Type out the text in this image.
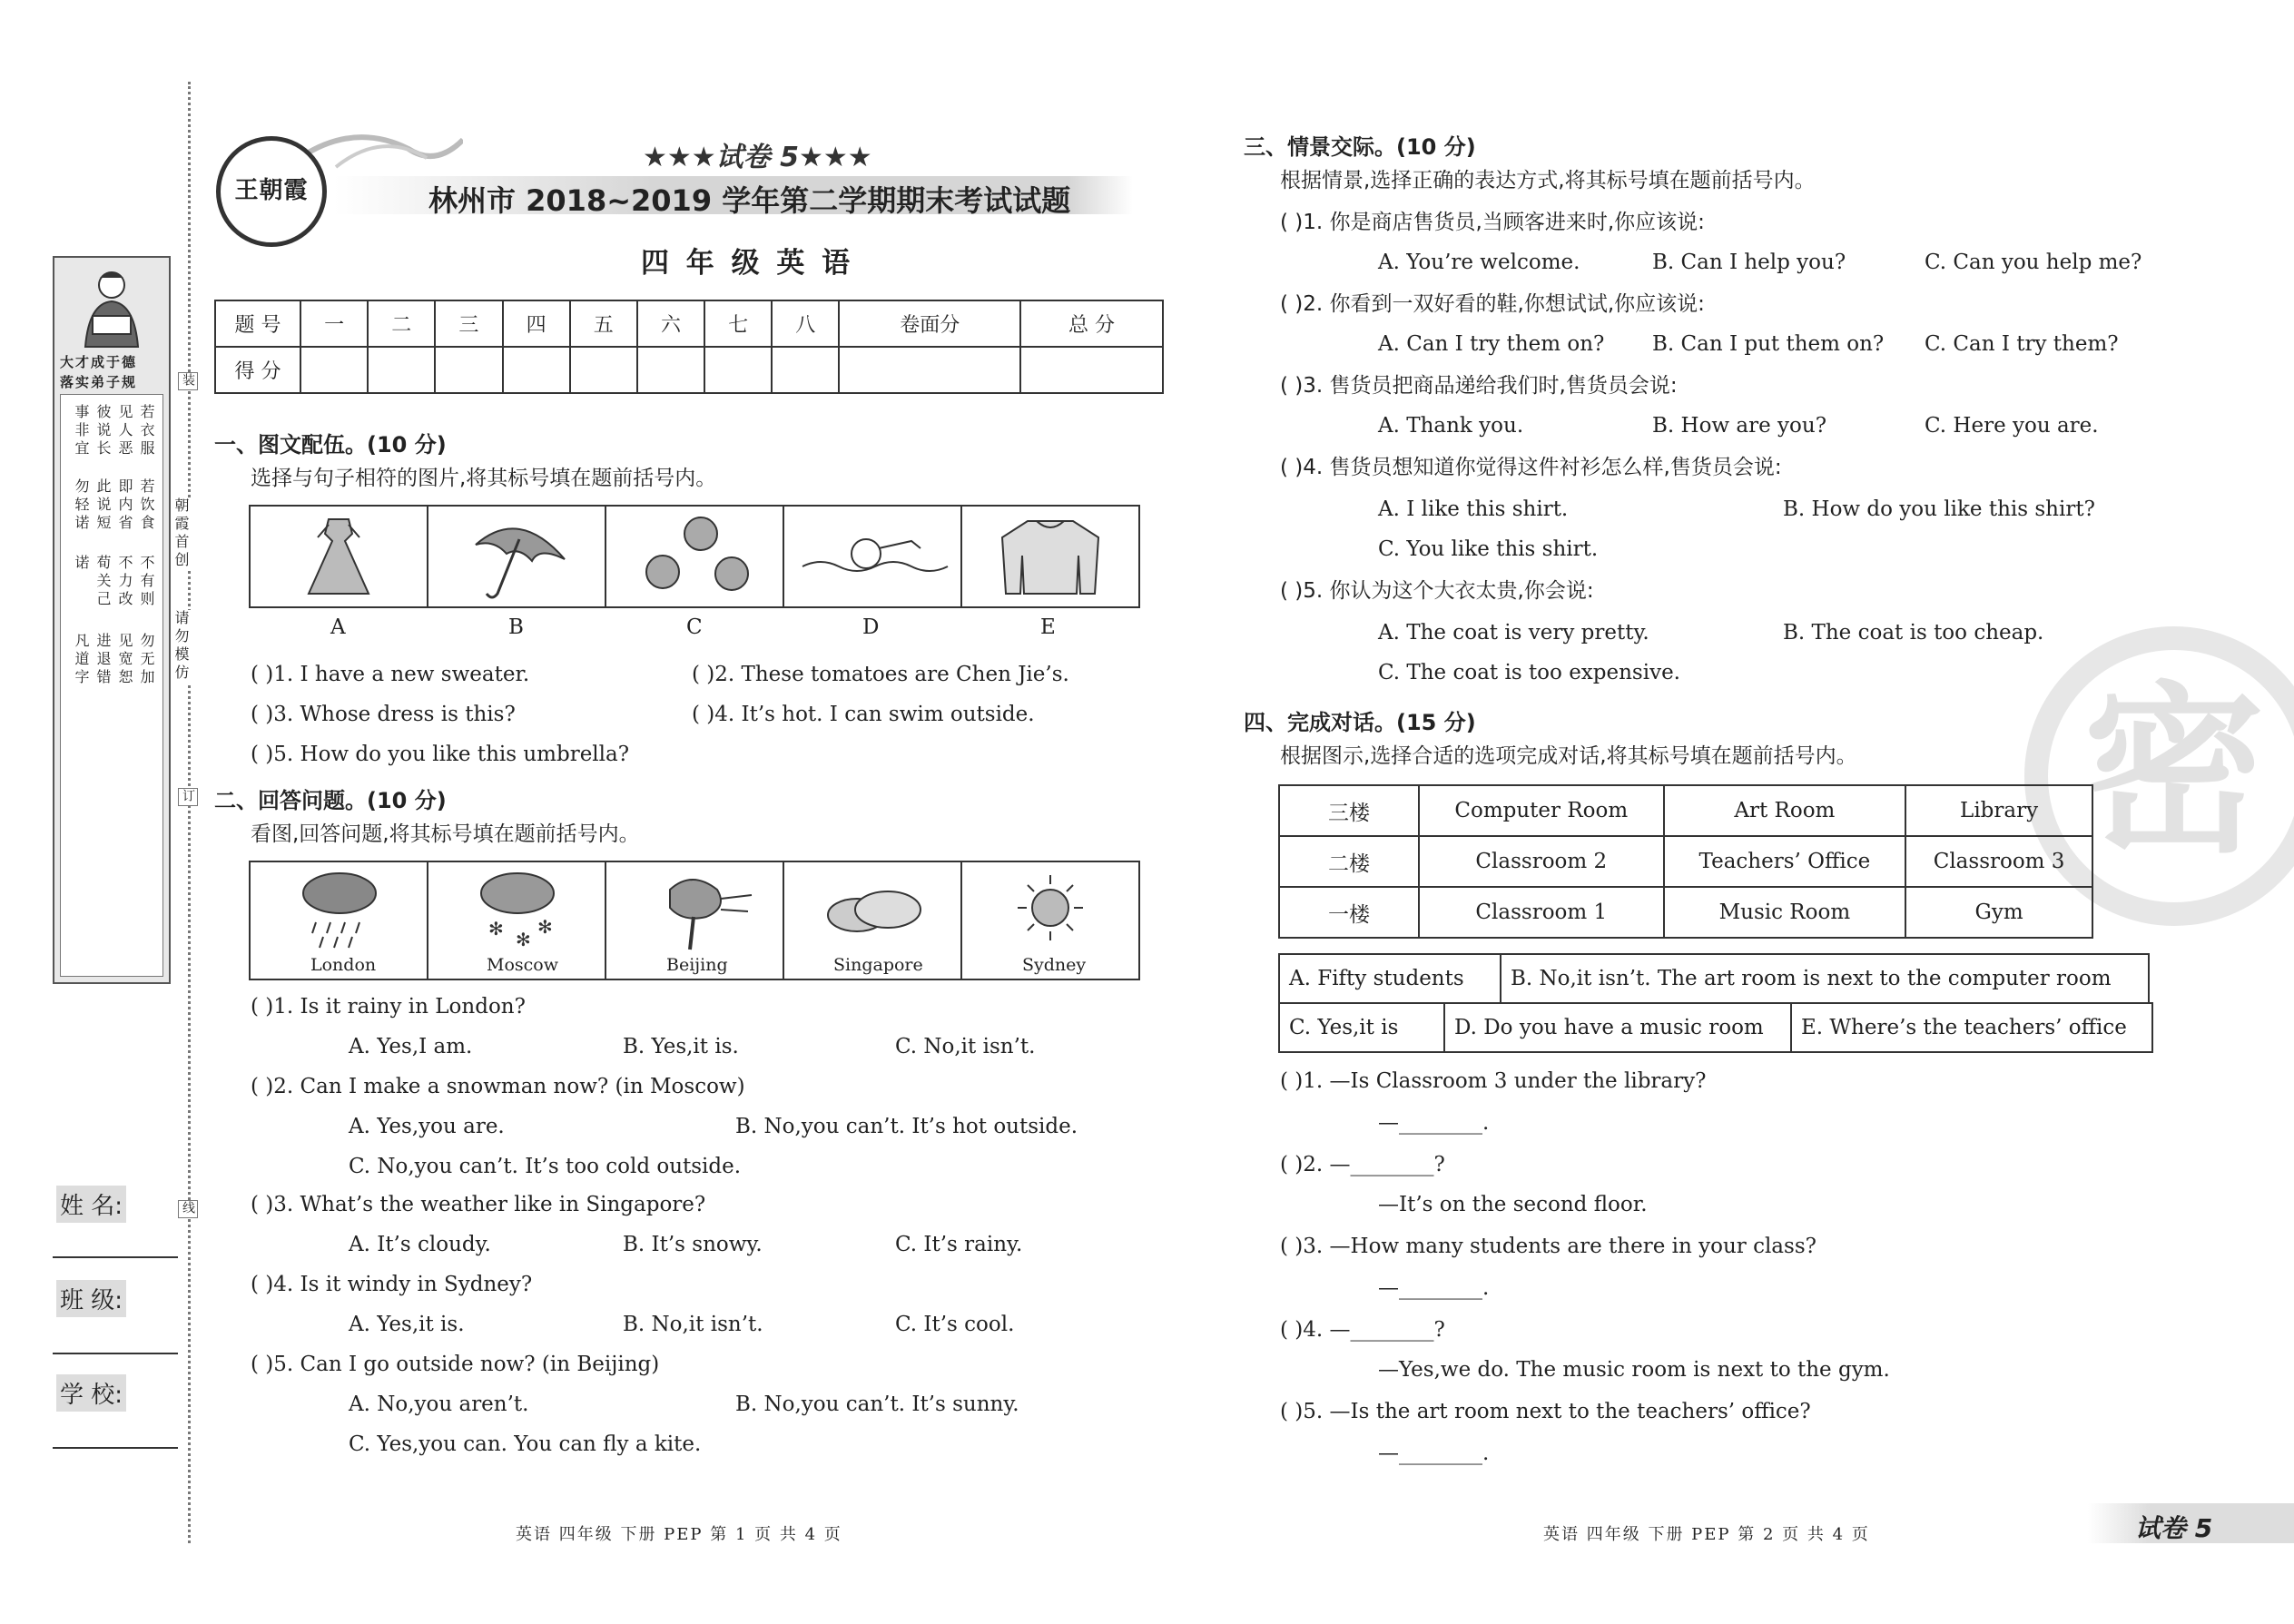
大才成于德
落实弟子规
若衣服
见人恶
彼说长
事非宜
若饮食
即内省
此说短
勿轻诺
不有则
不力改
荀关己
诺
勿无加
见宽恕
进退错
凡道字
装
朝霞首创
请勿模仿
订
线
姓 名:
班 级:
学 校:
王朝霞
★★★试卷 5★★★
林州市 2018~2019 学年第二学期期末考试试题
四 年 级 英 语
题 号	一	二	三	四	五	六	七	八	卷面分	总 分
得 分										
一、图文配伍。(10 分)
选择与句子相符的图片,将其标号填在题前括号内。
A	B	C	D	E
( )1. I have a new sweater.	( )2. These tomatoes are Chen Jie’s.
( )3. Whose dress is this?	( )4. It’s hot. I can swim outside.
( )5. How do you like this umbrella?
二、回答问题。(10 分)
看图,回答问题,将其标号填在题前括号内。
London
✻ ✻
✻
Moscow	Beijing	Singapore	Sydney
( )1. Is it rainy in London?
A. Yes,I am.	B. Yes,it is.	C. No,it isn’t.
( )2. Can I make a snowman now? (in Moscow)
A. Yes,you are.	B. No,you can’t. It’s hot outside.
C. No,you can’t. It’s too cold outside.
( )3. What’s the weather like in Singapore?
A. It’s cloudy.	B. It’s snowy.	C. It’s rainy.
( )4. Is it windy in Sydney?
A. Yes,it is.	B. No,it isn’t.	C. It’s cool.
( )5. Can I go outside now? (in Beijing)
A. No,you aren’t.	B. No,you can’t. It’s sunny.
C. Yes,you can. You can fly a kite.
英语 四年级 下册 PEP 第 1 页 共 4 页
密
三、情景交际。(10 分)
根据情景,选择正确的表达方式,将其标号填在题前括号内。
( )1. 你是商店售货员,当顾客进来时,你应该说:
A. You’re welcome.	B. Can I help you?	C. Can you help me?
( )2. 你看到一双好看的鞋,你想试试,你应该说:
A. Can I try them on? B. Can I put them on? C. Can I try them?
( )3. 售货员把商品递给我们时,售货员会说:
A. Thank you.	B. How are you?	C. Here you are.
( )4. 售货员想知道你觉得这件衬衫怎么样,售货员会说:
A. I like this shirt.	B. How do you like this shirt?
C. You like this shirt.
( )5. 你认为这个大衣太贵,你会说:
A. The coat is very pretty.	B. The coat is too cheap.
C. The coat is too expensive.
四、完成对话。(15 分)
根据图示,选择合适的选项完成对话,将其标号填在题前括号内。
三楼	Computer Room	Art Room	Library
二楼	Classroom 2	Teachers’ Office	Classroom 3
一楼	Classroom 1	Music Room	Gym
A. Fifty students	B. No,it isn’t. The art room is next to the computer room
C. Yes,it is	D. Do you have a music room	E. Where’s the teachers’ office
( )1. —Is Classroom 3 under the library?
—________.
( )2. —________?
—It’s on the second floor.
( )3. —How many students are there in your class?
—________.
( )4. —________?
—Yes,we do. The music room is next to the gym.
( )5. —Is the art room next to the teachers’ office?
—________.
英语 四年级 下册 PEP 第 2 页 共 4 页	试卷 5
